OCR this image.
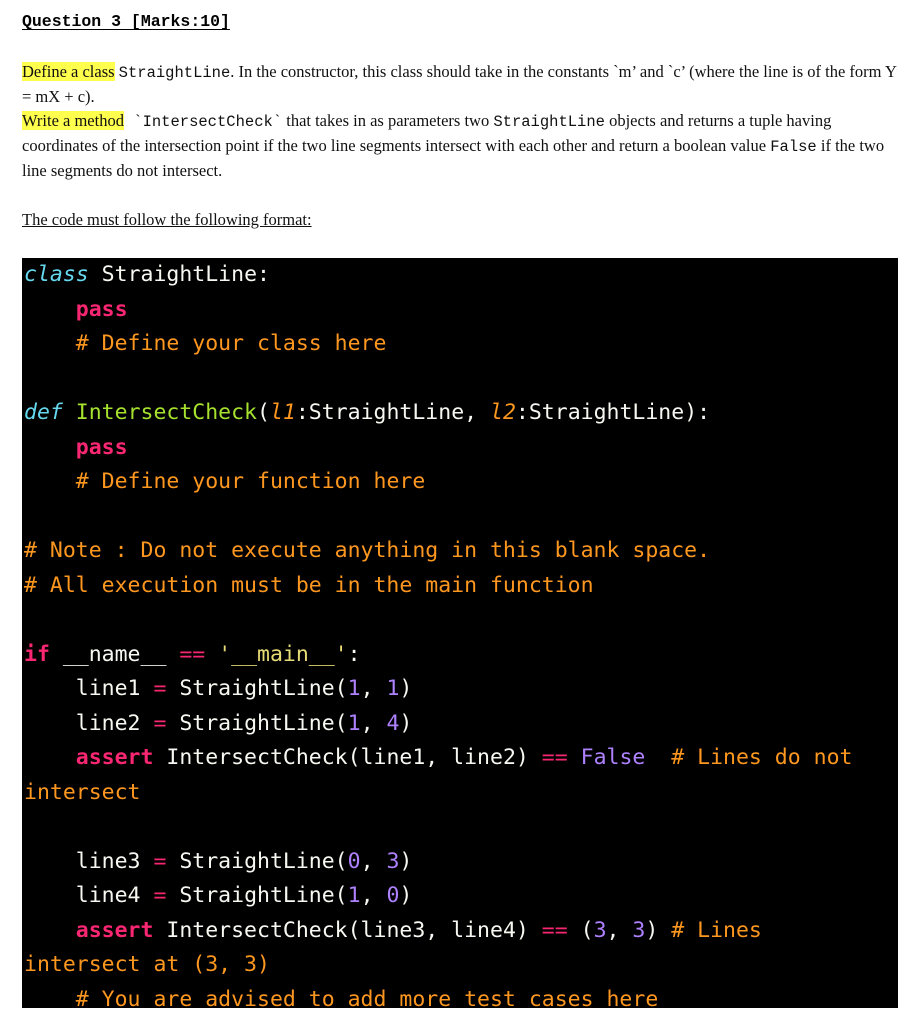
Question 3 [Marks:10]
Define a class StraightLine. In the constructor, this class should take in the constants `m’ and `c’ (where the line is of the form Y = mX + c).
Write a method `IntersectCheck` that takes in as parameters two StraightLine objects and returns a tuple having coordinates of the intersection point if the two line segments intersect with each other and return a boolean value False if the two line segments do not intersect.
The code must follow the following format:
class StraightLine:
pass
# Define your class here
def IntersectCheck(l1:StraightLine, l2:StraightLine):
pass
# Define your function here
# Note : Do not execute anything in this blank space.
# All execution must be in the main function
if __name__ == '__main__':
line1 = StraightLine(1, 1)
line2 = StraightLine(1, 4)
assert IntersectCheck(line1, line2) == False # Lines do not
intersect
line3 = StraightLine(0, 3)
line4 = StraightLine(1, 0)
assert IntersectCheck(line3, line4) == (3, 3) # Lines
intersect at (3, 3)
# You are advised to add more test cases here
